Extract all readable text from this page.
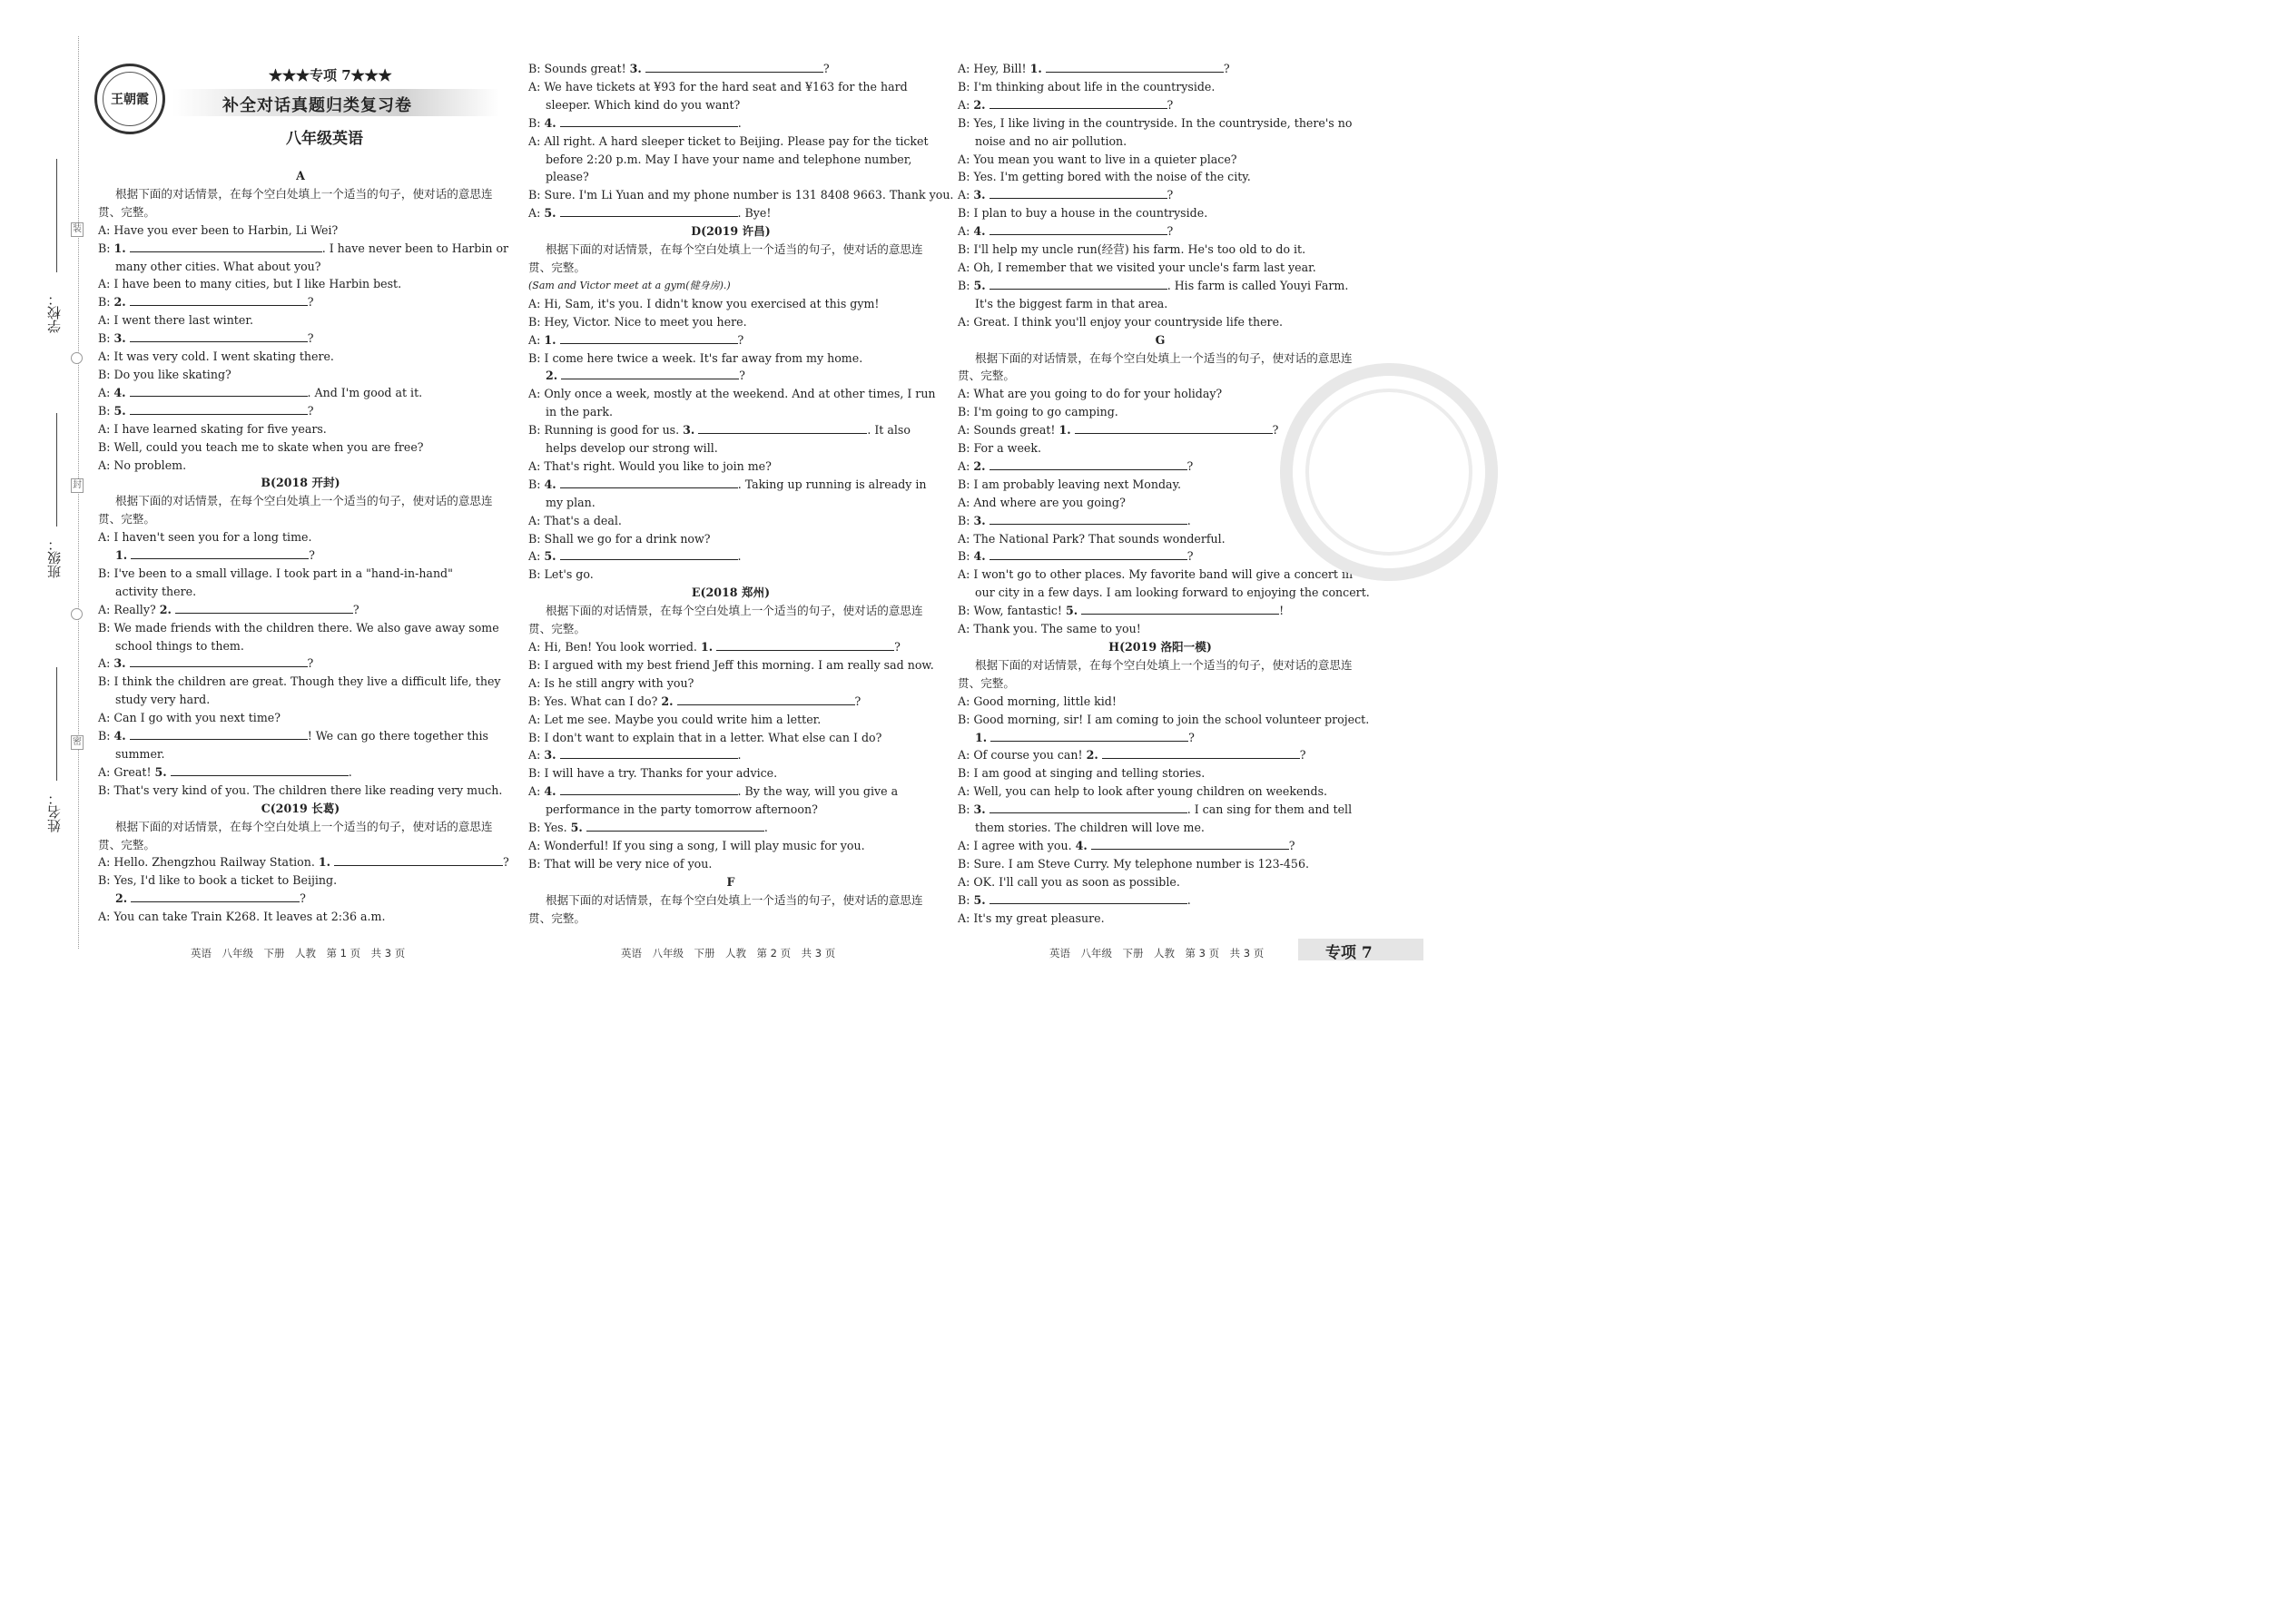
学校：
班级：
姓名：
装
封
密
王朝霞
★★★专项 7★★★
补全对话真题归类复习卷
八年级英语
A
根据下面的对话情景，在每个空白处填上一个适当的句子，使对话的意思连贯、完整。
A: Have you ever been to Harbin, Li Wei?
B: 1.	. I have never been to Harbin or
many other cities. What about you?
A: I have been to many cities, but I like Harbin best.
B: 2.	?
A: I went there last winter.
B: 3.	?
A: It was very cold. I went skating there.
B: Do you like skating?
A: 4.	. And I'm good at it.
B: 5.	?
A: I have learned skating for five years.
B: Well, could you teach me to skate when you are free?
A: No problem.
B(2018 开封)
根据下面的对话情景，在每个空白处填上一个适当的句子，使对话的意思连贯、完整。
A: I haven't seen you for a long time.
1.	?
B: I've been to a small village. I took part in a "hand-in-hand"
activity there.
A: Really? 2.	?
B: We made friends with the children there. We also gave away some
school things to them.
A: 3.	?
B: I think the children are great. Though they live a difficult life, they
study very hard.
A: Can I go with you next time?
B: 4.	! We can go there together this
summer.
A: Great! 5.	.
B: That's very kind of you. The children there like reading very much.
C(2019 长葛)
根据下面的对话情景，在每个空白处填上一个适当的句子，使对话的意思连贯、完整。
A: Hello. Zhengzhou Railway Station. 1.	?
B: Yes, I'd like to book a ticket to Beijing.
2.	?
A: You can take Train K268. It leaves at 2:36 a.m.
B: Sounds great! 3.	?
A: We have tickets at ¥93 for the hard seat and ¥163 for the hard
sleeper. Which kind do you want?
B: 4.	.
A: All right. A hard sleeper ticket to Beijing. Please pay for the ticket
before 2:20 p.m. May I have your name and telephone number,
please?
B: Sure. I'm Li Yuan and my phone number is 131 8408 9663. Thank you.
A: 5.	. Bye!
D(2019 许昌)
根据下面的对话情景，在每个空白处填上一个适当的句子，使对话的意思连贯、完整。
(Sam and Victor meet at a gym(健身房).)
A: Hi, Sam, it's you. I didn't know you exercised at this gym!
B: Hey, Victor. Nice to meet you here.
A: 1.	?
B: I come here twice a week. It's far away from my home.
2.	?
A: Only once a week, mostly at the weekend. And at other times, I run
in the park.
B: Running is good for us. 3.	. It also
helps develop our strong will.
A: That's right. Would you like to join me?
B: 4.	. Taking up running is already in
my plan.
A: That's a deal.
B: Shall we go for a drink now?
A: 5.	.
B: Let's go.
E(2018 郑州)
根据下面的对话情景，在每个空白处填上一个适当的句子，使对话的意思连贯、完整。
A: Hi, Ben! You look worried. 1.	?
B: I argued with my best friend Jeff this morning. I am really sad now.
A: Is he still angry with you?
B: Yes. What can I do? 2.	?
A: Let me see. Maybe you could write him a letter.
B: I don't want to explain that in a letter. What else can I do?
A: 3.	.
B: I will have a try. Thanks for your advice.
A: 4.	. By the way, will you give a
performance in the party tomorrow afternoon?
B: Yes. 5.	.
A: Wonderful! If you sing a song, I will play music for you.
B: That will be very nice of you.
F
根据下面的对话情景，在每个空白处填上一个适当的句子，使对话的意思连贯、完整。
A: Hey, Bill! 1.	?
B: I'm thinking about life in the countryside.
A: 2.	?
B: Yes, I like living in the countryside. In the countryside, there's no
noise and no air pollution.
A: You mean you want to live in a quieter place?
B: Yes. I'm getting bored with the noise of the city.
A: 3.	?
B: I plan to buy a house in the countryside.
A: 4.	?
B: I'll help my uncle run(经营) his farm. He's too old to do it.
A: Oh, I remember that we visited your uncle's farm last year.
B: 5.	. His farm is called Youyi Farm.
It's the biggest farm in that area.
A: Great. I think you'll enjoy your countryside life there.
G
根据下面的对话情景，在每个空白处填上一个适当的句子，使对话的意思连贯、完整。
A: What are you going to do for your holiday?
B: I'm going to go camping.
A: Sounds great! 1.	?
B: For a week.
A: 2.	?
B: I am probably leaving next Monday.
A: And where are you going?
B: 3.	.
A: The National Park? That sounds wonderful.
B: 4.	?
A: I won't go to other places. My favorite band will give a concert in
our city in a few days. I am looking forward to enjoying the concert.
B: Wow, fantastic! 5.	!
A: Thank you. The same to you!
H(2019 洛阳一模)
根据下面的对话情景，在每个空白处填上一个适当的句子，使对话的意思连贯、完整。
A: Good morning, little kid!
B: Good morning, sir! I am coming to join the school volunteer project.
1.	?
A: Of course you can! 2.	?
B: I am good at singing and telling stories.
A: Well, you can help to look after young children on weekends.
B: 3.	. I can sing for them and tell
them stories. The children will love me.
A: I agree with you. 4.	?
B: Sure. I am Steve Curry. My telephone number is 123-456.
A: OK. I'll call you as soon as possible.
B: 5.	.
A: It's my great pleasure.
英语　八年级　下册　人教　第 1 页　共 3 页	英语　八年级　下册　人教　第 2 页　共 3 页	英语　八年级　下册　人教　第 3 页　共 3 页	专项 7
